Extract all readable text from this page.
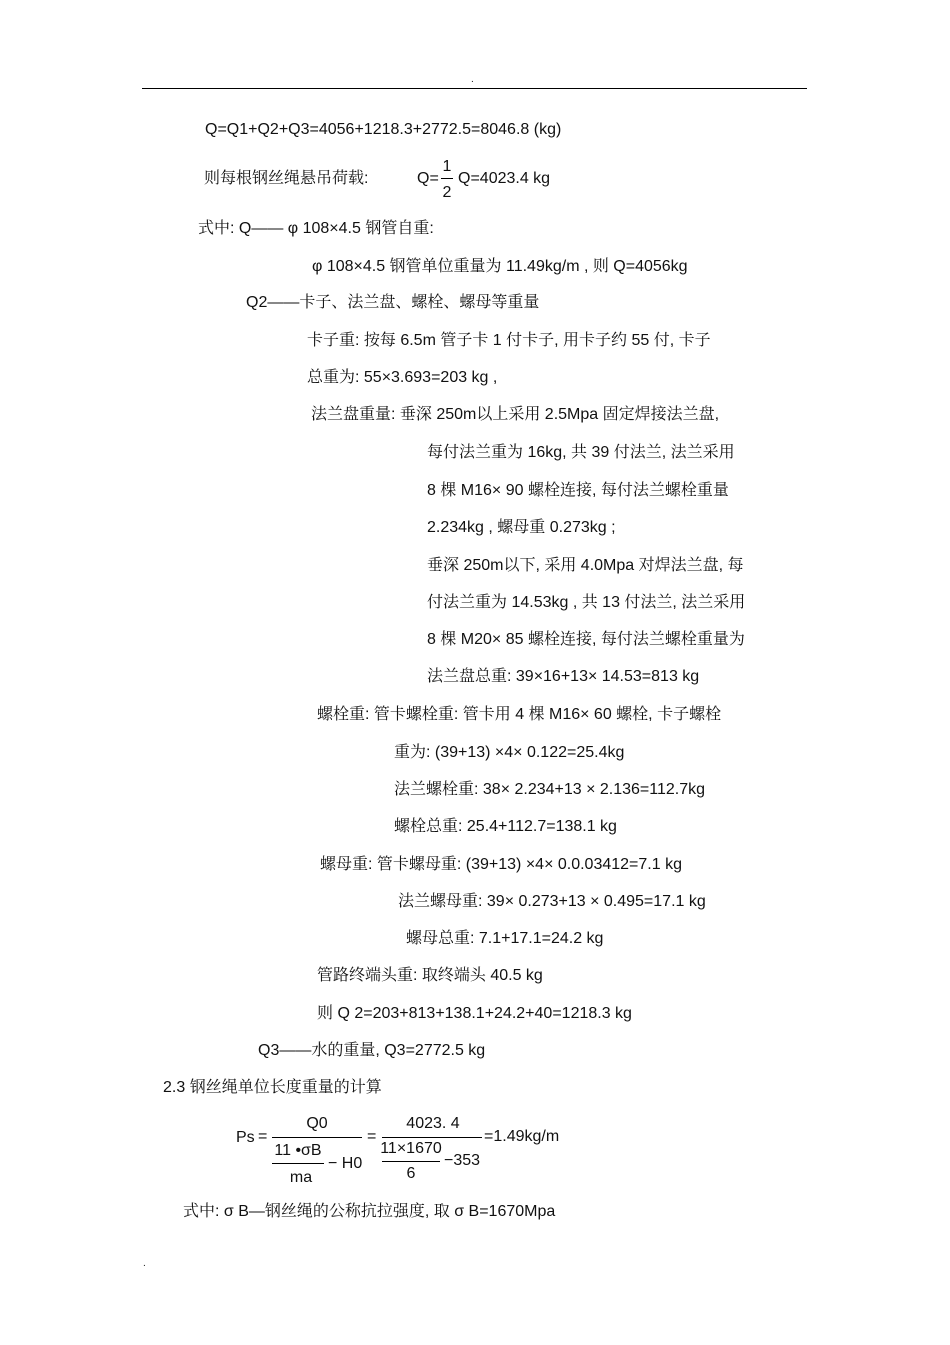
.
Q=Q1+Q2+Q3=4056+1218.3+2772.5=8046.8 (kg)
则每根钢丝绳悬吊荷载:	Q=
1
2
Q=4023.4 kg
式中: Q—— φ 108×4.5 钢管自重:
φ 108×4.5 钢管单位重量为 11.49kg/m , 则 Q=4056kg
Q2——卡子、法兰盘、螺栓、螺母等重量
卡子重: 按每 6.5m 管子卡 1 付卡子, 用卡子约 55 付, 卡子
总重为: 55×3.693=203 kg ,
法兰盘重量: 垂深 250m以上采用 2.5Mpa 固定焊接法兰盘,
每付法兰重为 16kg, 共 39 付法兰, 法兰采用
8 棵 M16× 90 螺栓连接, 每付法兰螺栓重量
2.234kg , 螺母重 0.273kg ;
垂深 250m以下, 采用 4.0Mpa 对焊法兰盘, 每
付法兰重为 14.53kg , 共 13 付法兰, 法兰采用
8 棵 M20× 85 螺栓连接, 每付法兰螺栓重量为
法兰盘总重: 39×16+13× 14.53=813 kg
螺栓重: 管卡螺栓重: 管卡用 4 棵 M16× 60 螺栓, 卡子螺栓
重为: (39+13) ×4× 0.122=25.4kg
法兰螺栓重: 38× 2.234+13 × 2.136=112.7kg
螺栓总重: 25.4+112.7=138.1 kg
螺母重: 管卡螺母重: (39+13) ×4× 0.0.03412=7.1 kg
法兰螺母重: 39× 0.273+13 × 0.495=17.1 kg
螺母总重: 7.1+17.1=24.2 kg
管路终端头重: 取终端头 40.5 kg
则 Q 2=203+813+138.1+24.2+40=1218.3 kg
Q3——水的重量, Q3=2772.5 kg
2.3 钢丝绳单位长度重量的计算
Ps =
Q0
11 •σB
ma
− H0
=
4023. 4
11×1670
6
−353
=1.49kg/m
式中: σ B—钢丝绳的公称抗拉强度, 取 σ B=1670Mpa
.
